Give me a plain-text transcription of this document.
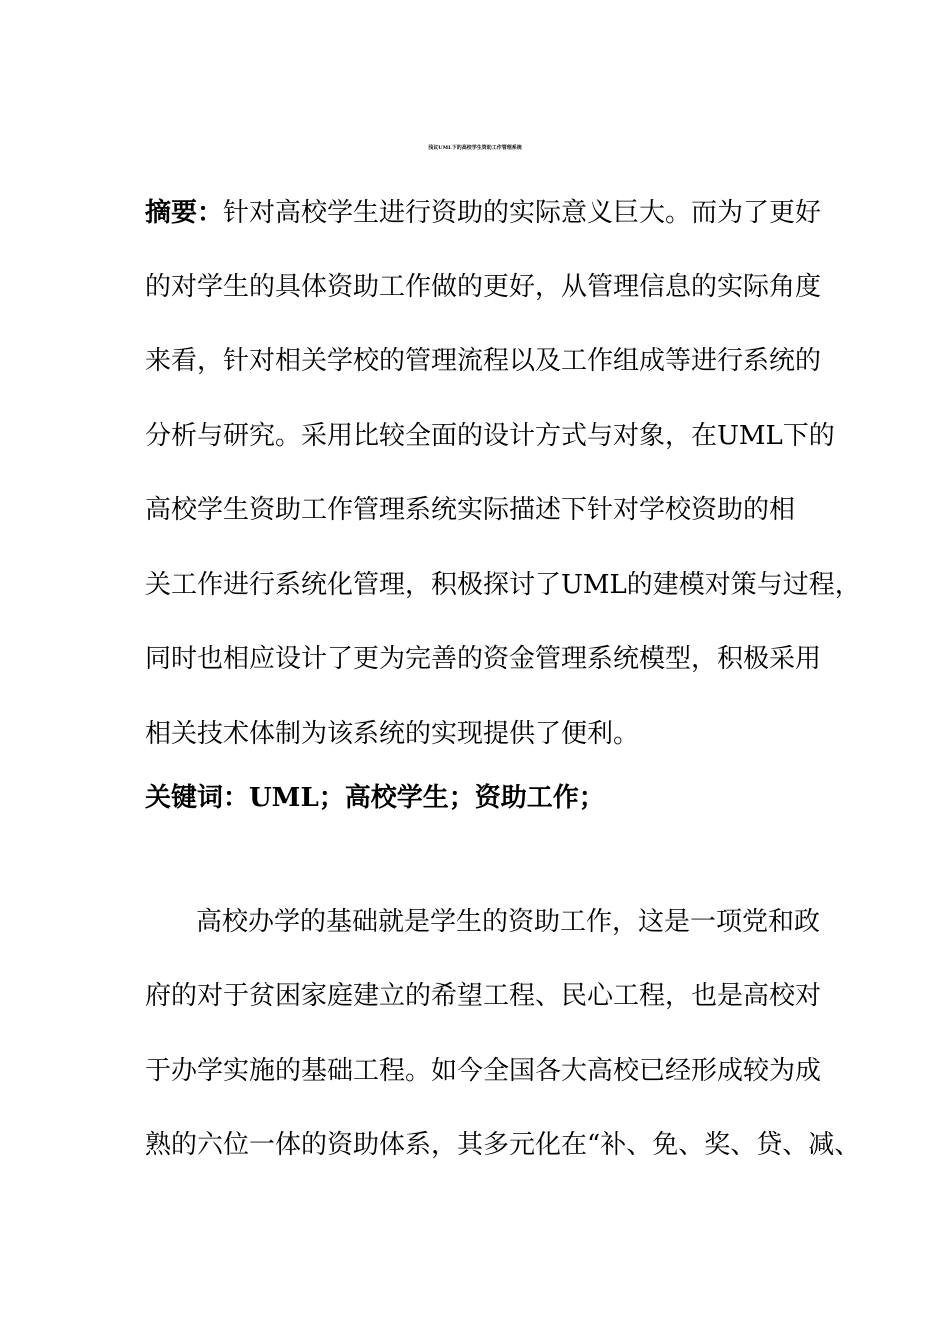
浅议UML下的高校学生资助工作管理系统
摘要：针对高校学生进行资助的实际意义巨大。而为了更好
的对学生的具体资助工作做的更好，从管理信息的实际角度
来看，针对相关学校的管理流程以及工作组成等进行系统的
分析与研究。采用比较全面的设计方式与对象，在UML下的
高校学生资助工作管理系统实际描述下针对学校资助的相
关工作进行系统化管理，积极探讨了UML的建模对策与过程，
同时也相应设计了更为完善的资金管理系统模型，积极采用
相关技术体制为该系统的实现提供了便利。
关键词：UML；高校学生；资助工作；
高校办学的基础就是学生的资助工作，这是一项党和政
府的对于贫困家庭建立的希望工程、民心工程，也是高校对
于办学实施的基础工程。如今全国各大高校已经形成较为成
熟的六位一体的资助体系，其多元化在“补、免、奖、贷、减、
